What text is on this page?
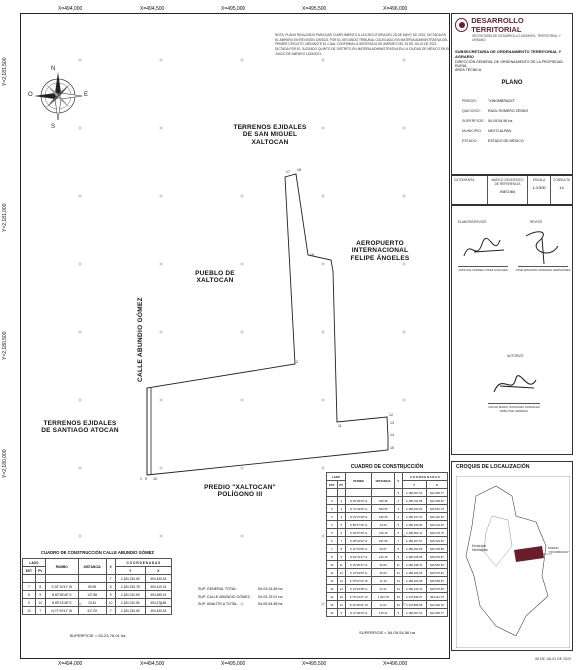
X=494,000	X=494,500	X=495,000	X=495,500	X=496,000
X=494,000	X=494,500	X=495,000	X=495,500	X=496,000
Y=2,181,500
Y=2,181,000
Y=2,180,500
Y=2,180,000
N
S
E
O
NOTA: PLANO REALIZADO PARA DAR CUMPLIMIENTO A LA EJECUTORIA DEL 28 DE MAYO DE 2022, DICTADA EN EL AMPARO EN REVISIÓN 139/2021 POR EL SEGUNDO TRIBUNAL COLEGIADO EN MATERIA ADMINISTRATIVA DEL PRIMER CIRCUITO, MEDIANTE EL CUAL CONFIRMA LA SENTENCIA DE AMPARO DEL 23 DE JULIO DE 2021 DICTADA POR EL JUZGADO QUINTO DE DISTRITO EN MATERIA ADMINISTRATIVA EN LA CIUDAD DE MÉXICO EN EL JUICIO DE AMPARO 1433/2021.
TERRENOS EJIDALES
DE SAN MIGUEL
XALTOCAN
AEROPUERTO
INTERNACIONAL
FELIPE ÁNGELES
PUEBLO DE
XALTOCAN
CALLE ABUNDIO GÓMEZ
TERRENOS EJIDALES
DE SANTIAGO ATOCAN
PREDIO "XALTOCAN"
POLÍGONO III
1 9
2
10
11
12
13
14
15
16
17 18
CUADRO DE CONSTRUCCIÓN CALLE ABUNDIO GÓMEZ
LADO		RUMBO	DISTANCIA	V	C O O R D E N A D A S	
EST	PV				Y	X
				7	2,180,234.65	494,435.18
7	8	S 16°10'41" W	89.55	8	2,180,159.78	494,419.24
8	9	N 82°56'46" E	107.88	9	2,180,010.69	494,485.19
9	10	N 89°16'48" E	10.81	10	2,180,010.55	494,475.86
10	7	N 07°49'41" W	317.09	7	2,180,234.65	494,435.18
SUPERFICIE = 03-23-76.01 ha
SUP. GENERAL TOTAL:	54-03-24.56 ha
SUP. CALLE ABUNDIO GÓMEZ:	00-03-76.01 ha
SUP. ANALÍTICA TOTAL:	54-09-54.56 ha
CUADRO DE CONSTRUCCIÓN
LADO		RUMBO	DISTANCIA	V	C O O R D E N A D A S	
EST	PV				Y	X
				9	2,180,007.61	494,365.77
9	2	N 05°36'40" E	305.38	2	2,180,311.58	494,395.63
2	3	N 74°44'30" E	690.55	3	2,180,493.52	495,061.74
3	4	N 15°47'28" E	440.25	4	2,180,917.21	495,181.53
4	5	S 85°17'45" E	43.26	5	2,180,913.66	495,224.64
5	6	S 09°57'35" E	316.19	6	2,180,602.11	495,278.75
6	7	S 08°44'02" E	297.95	7	2,180,307.57	495,323.54
7	8	S 12°31'05" E	56.87	8	2,180,252.05	495,335.86
8	9	N 69°41'47" E	212.19	9	2,180,325.68	495,534.87
10	11	S 16°26'27" E	90.66	11	2,180,238.74	495,560.53
11	12	S 16°04'53" E	36.06	12	2,180,204.09	495,570.52
12	13	S 79°37'19" W	11.19	13	2,180,202.08	495,559.51
13	14	S 16°15'48" E	61.41	14	2,180,143.13	495,576.69
14	15	S 75°14'47" W	1,204.78	15	2,179,836.07	494,411.70
15	16	N 10°18'26" W	31.01	16	2,179,866.58	494,406.15
16	9	N 12°36'46" E	145.41	9	2,180,007.61	494,365.77
SUPERFICIE = 54-09-54.56 ha
DESARROLLO TERRITORIAL
SECRETARÍA DE DESARROLLO AGRARIO, TERRITORIAL Y URBANO
SUBSECRETARÍA DE ORDENAMIENTO TERRITORIAL Y AGRARIO
DIRECCIÓN GENERAL DE ORDENAMIENTO DE LA PROPIEDAD RURAL
ÁREA TÉCNICA
PLANO
PREDIO:	"XINOMBRADO"
QUEJOSO:	RAÚL ROMERO ZENDO
SUPERFICIE: 54-09-54.56 ha
MUNICIPIO:	NEXTLALPAN
ESTADO:	ESTADO DE MÉXICO
CATOGRAFÍA	MARCO GEODÉSICO DE REFERENCIA
INEGI84
ESCALA
1:4,500
CONSULTA
14
ELABORÓ/REVISÓ
CRISTINA ANDREA LÓPEZ SÁNCHEZ
REVISÓ
JOSÉ ARMANDO MORALES HERNÁNDEZ
AUTORIZÓ
OSCAR MARIO GONZÁLEZ GONZÁLEZ
DIRECTOR GENERAL
CROQUIS DE LOCALIZACIÓN
Municipio
Nextlalpan	PREDIO
"XINOMBRADO"
06 DE JULIO DE 2022
